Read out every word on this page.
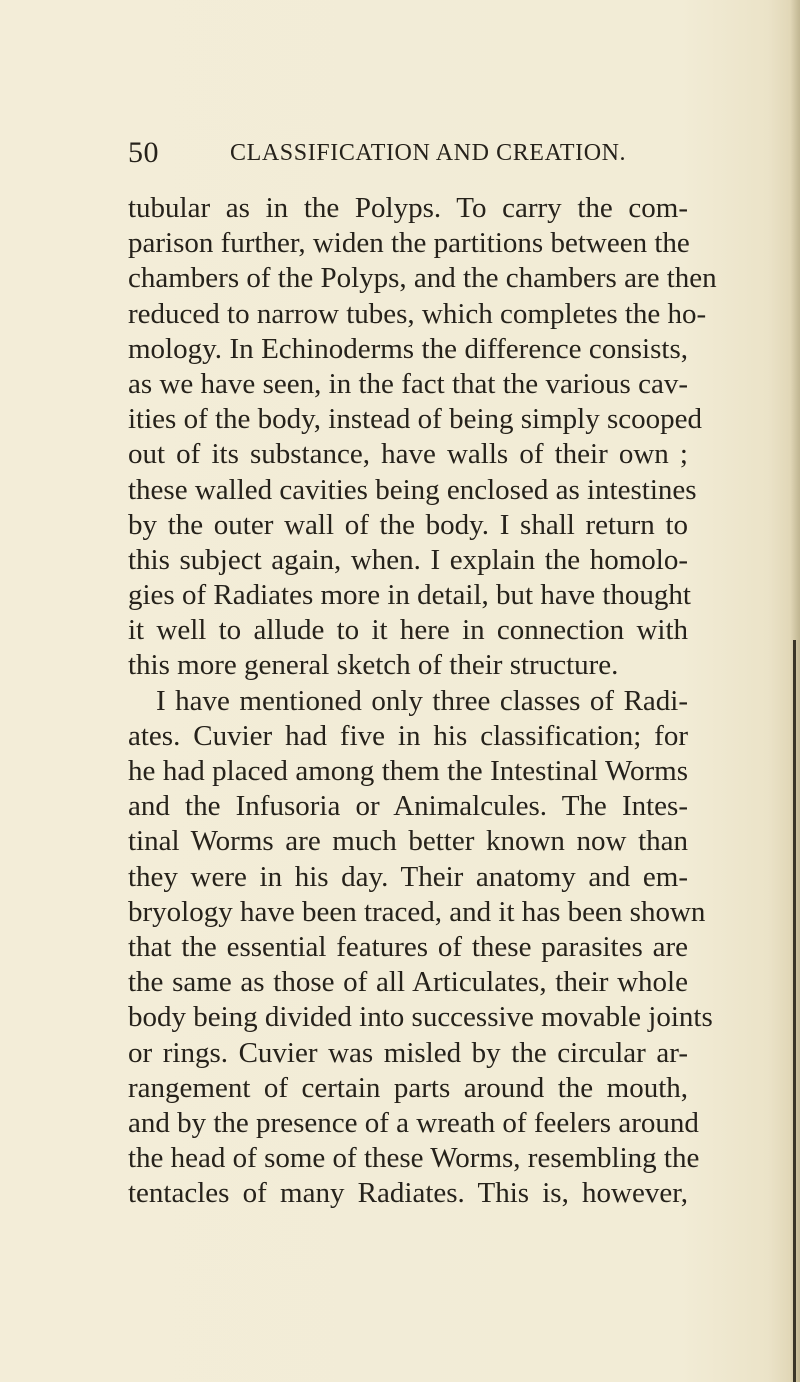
50	CLASSIFICATION AND CREATION.
tubular as in the Polyps. To carry the com-
parison further, widen the partitions between the
chambers of the Polyps, and the chambers are then
reduced to narrow tubes, which completes the ho-
mology. In Echinoderms the difference consists,
as we have seen, in the fact that the various cav-
ities of the body, instead of being simply scooped
out of its substance, have walls of their own ;
these walled cavities being enclosed as intestines
by the outer wall of the body. I shall return to
this subject again, when. I explain the homolo-
gies of Radiates more in detail, but have thought
it well to allude to it here in connection with
this more general sketch of their structure.
I have mentioned only three classes of Radi-
ates. Cuvier had five in his classification; for
he had placed among them the Intestinal Worms
and the Infusoria or Animalcules. The Intes-
tinal Worms are much better known now than
they were in his day. Their anatomy and em-
bryology have been traced, and it has been shown
that the essential features of these parasites are
the same as those of all Articulates, their whole
body being divided into successive movable joints
or rings. Cuvier was misled by the circular ar-
rangement of certain parts around the mouth,
and by the presence of a wreath of feelers around
the head of some of these Worms, resembling the
tentacles of many Radiates. This is, however,
